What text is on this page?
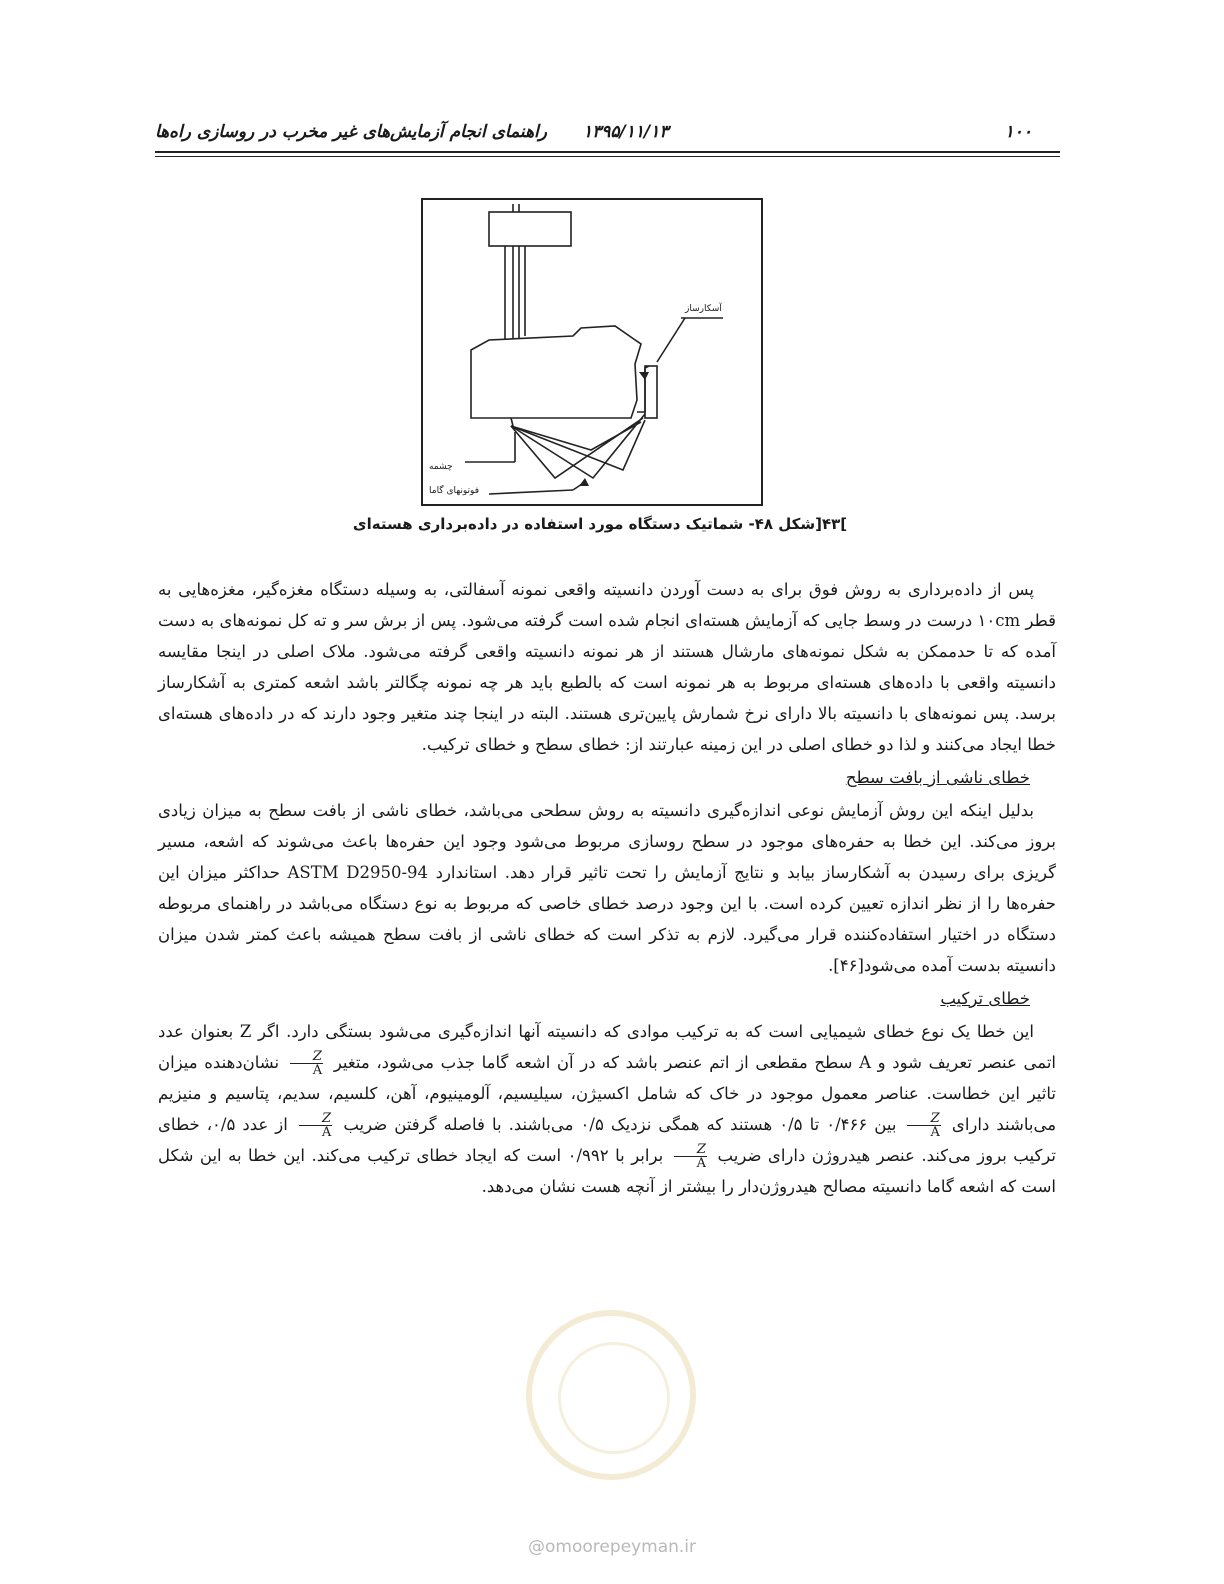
۱۰۰
۱۳۹۵/۱۱/۱۳
راهنمای انجام آزمایش‌های غیر مخرب در روسازی راه‌ها
آسکارساز
چشمه
فوتونهای گاما
]۴۳[شکل ۴۸- شماتیک دستگاه مورد استفاده در داده‌برداری هسته‌ای

پس از داده‌برداری به روش فوق برای به دست آوردن دانسیته واقعی نمونه آسفالتی، به وسیله دستگاه مغزه‌گیر، مغزه‌هایی به قطر ۱۰cm درست در وسط جایی که آزمایش هسته‌ای انجام شده است گرفته می‌شود. پس از برش سر و ته کل نمونه‌های به دست آمده که تا حدممکن به شکل نمونه‌های مارشال هستند از هر نمونه دانسیته واقعی گرفته می‌شود. ملاک اصلی در اینجا مقایسه دانسیته واقعی با داده‌های هسته‌ای مربوط به هر نمونه است که بالطبع باید هر چه نمونه چگالتر باشد اشعه کمتری به آشکارساز برسد. پس نمونه‌های با دانسیته بالا دارای نرخ شمارش پایین‌تری هستند. البته در اینجا چند متغیر وجود دارند که در داده‌های هسته‌ای خطا ایجاد می‌کنند و لذا دو خطای اصلی در این زمینه عبارتند از: خطای سطح و خطای ترکیب.

خطای ناشی از بافت سطح

بدلیل اینکه این روش آزمایش نوعی اندازه‌گیری دانسیته به روش سطحی می‌باشد، خطای ناشی از بافت سطح به میزان زیادی بروز می‌کند. این خطا به حفره‌های موجود در سطح روسازی مربوط می‌شود وجود این حفره‌ها باعث می‌شوند که اشعه، مسیر گریزی برای رسیدن به آشکارساز بیابد و نتایج آزمایش را تحت تاثیر قرار دهد. استاندارد ASTM D2950-94 حداکثر میزان این حفره‌ها را از نظر اندازه تعیین کرده است. با این وجود درصد خطای خاصی که مربوط به نوع دستگاه می‌باشد در راهنمای مربوطه دستگاه در اختیار استفاده‌کننده قرار می‌گیرد. لازم به تذکر است که خطای ناشی از بافت سطح همیشه باعث کمتر شدن میزان دانسیته بدست آمده می‌شود[۴۶].

خطای ترکیب

این خطا یک نوع خطای شیمیایی است که به ترکیب موادی که دانسیته آنها اندازه‌گیری می‌شود بستگی دارد. اگر Z بعنوان عدد اتمی عنصر تعریف شود و A سطح مقطعی از اتم عنصر باشد که در آن اشعه گاما جذب می‌شود، متغیر
$\frac{Z}{A}$
نشان‌دهنده میزان تاثیر این خطاست. عناصر معمول موجود در خاک که شامل اکسیژن، سیلیسیم، آلومینیوم، آهن، کلسیم، سدیم، پتاسیم و منیزیم می‌باشند دارای
$\frac{Z}{A}$
بین ۰/۴۶۶ تا ۰/۵ هستند که همگی نزدیک ۰/۵ می‌باشند. با فاصله گرفتن ضریب
$\frac{Z}{A}$
از عدد ۰/۵، خطای ترکیب بروز می‌کند. عنصر هیدروژن دارای ضریب
$\frac{Z}{A}$
برابر با ۰/۹۹۲ است که ایجاد خطای ترکیب می‌کند. این خطا به این شکل است که اشعه گاما دانسیته مصالح هیدروژن‌دار را بیشتر از آنچه هست نشان می‌دهد.

@omoorepeyman.ir
